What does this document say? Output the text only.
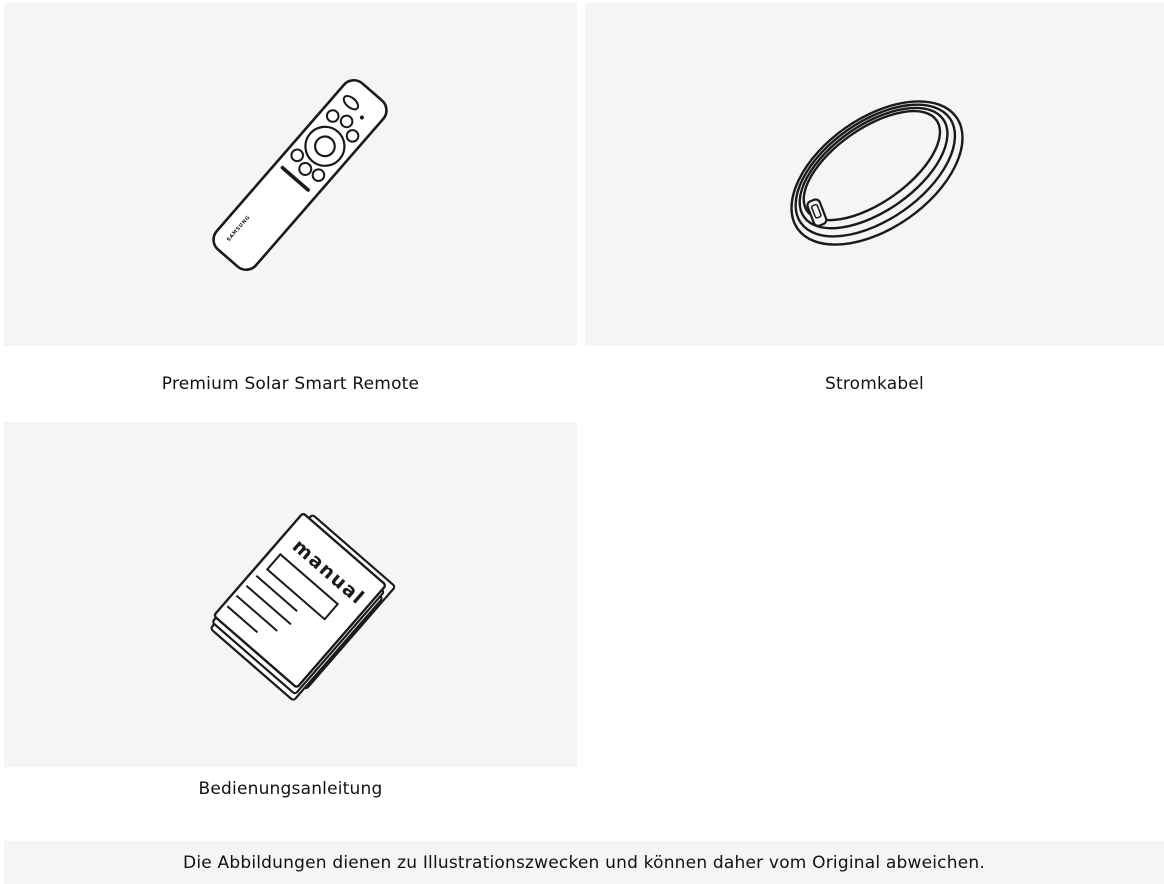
SAMSUNG
Premium Solar Smart Remote	Stromkabel
manual
Bedienungsanleitung
Die Abbildungen dienen zu Illustrationszwecken und können daher vom Original abweichen.
